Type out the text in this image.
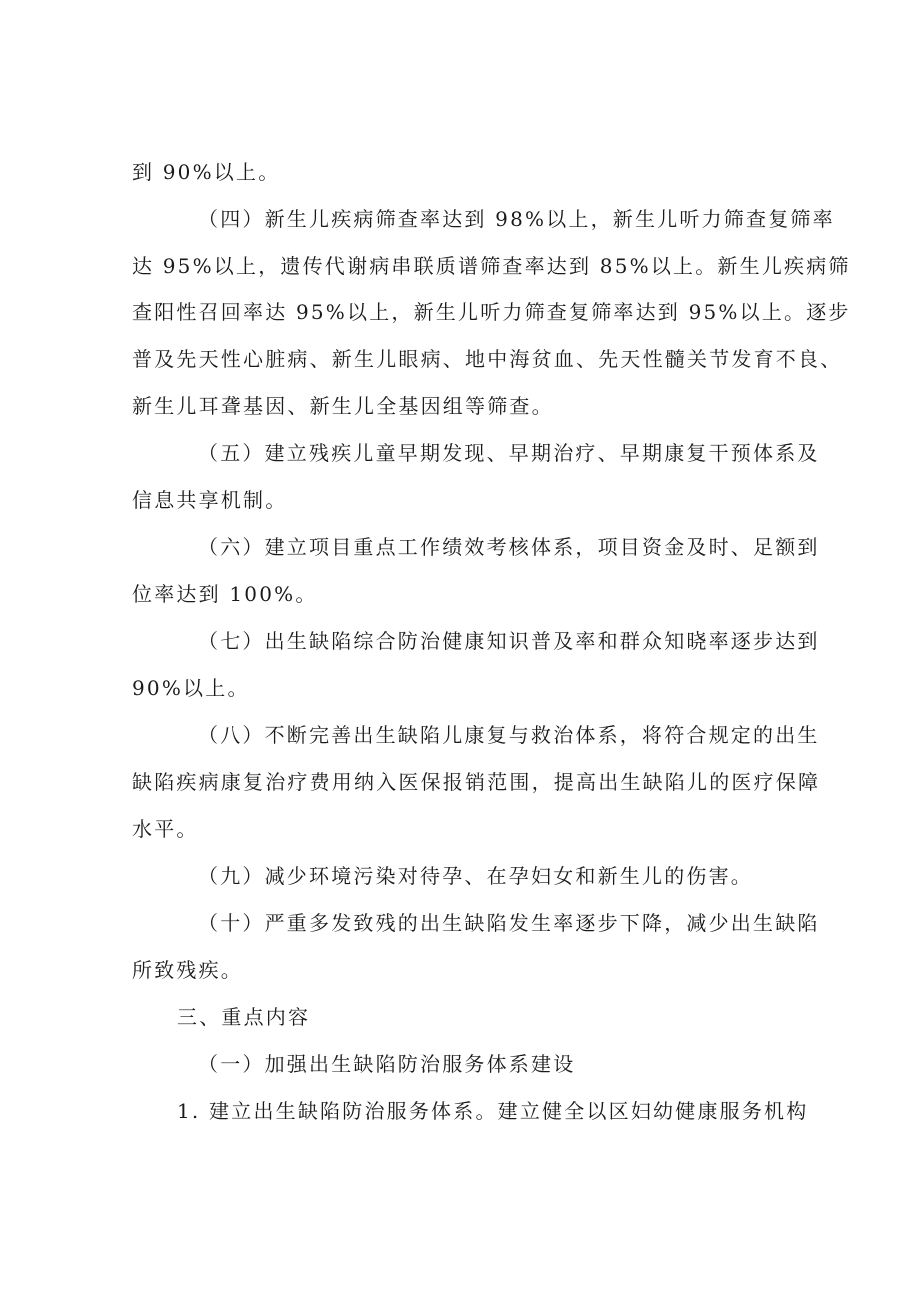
到 90%以上。
（四）新生儿疾病筛查率达到 98%以上，新生儿听力筛查复筛率
达 95%以上，遗传代谢病串联质谱筛查率达到 85%以上。新生儿疾病筛
查阳性召回率达 95%以上，新生儿听力筛查复筛率达到 95%以上。逐步
普及先天性心脏病、新生儿眼病、地中海贫血、先天性髓关节发育不良、
新生儿耳聋基因、新生儿全基因组等筛查。
（五）建立残疾儿童早期发现、早期治疗、早期康复干预体系及
信息共享机制。
（六）建立项目重点工作绩效考核体系，项目资金及时、足额到
位率达到 100%。
（七）出生缺陷综合防治健康知识普及率和群众知晓率逐步达到
90%以上。
（八）不断完善出生缺陷儿康复与救治体系，将符合规定的出生
缺陷疾病康复治疗费用纳入医保报销范围，提高出生缺陷儿的医疗保障
水平。
（九）减少环境污染对待孕、在孕妇女和新生儿的伤害。
（十）严重多发致残的出生缺陷发生率逐步下降，减少出生缺陷
所致残疾。
三、重点内容
（一）加强出生缺陷防治服务体系建设
1. 建立出生缺陷防治服务体系。建立健全以区妇幼健康服务机构
